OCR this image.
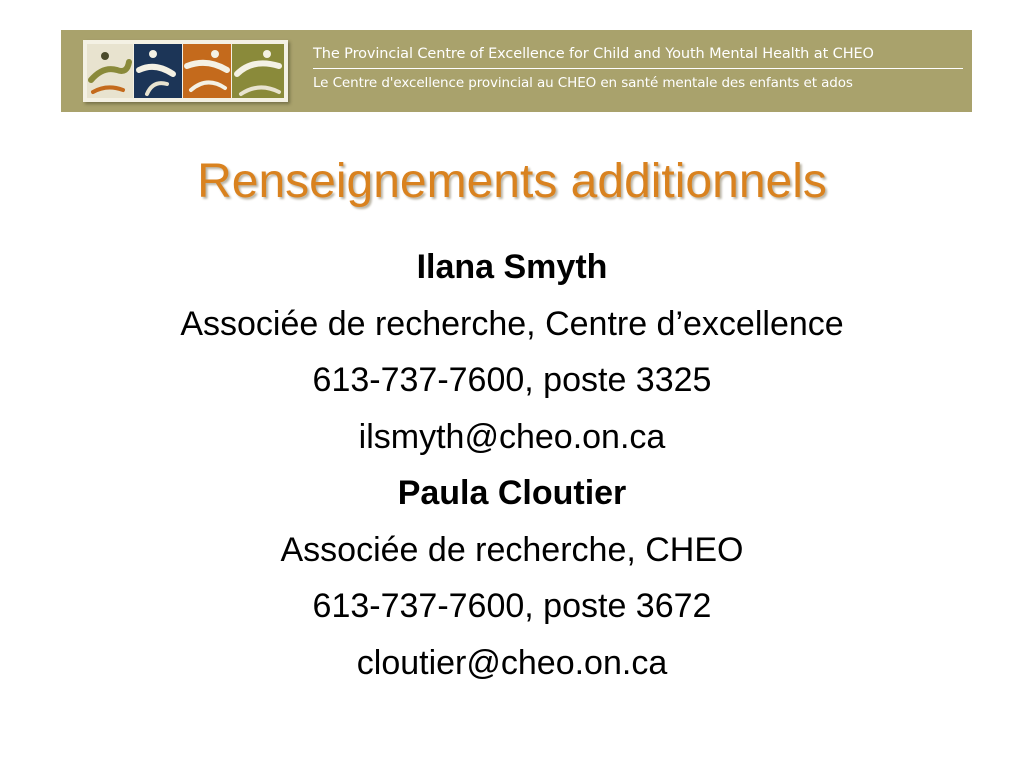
The Provincial Centre of Excellence for Child and Youth Mental Health at CHEO
Le Centre d'excellence provincial au CHEO en santé mentale des enfants et ados
Renseignements additionnels
Ilana Smyth
Associée de recherche, Centre d’excellence
613-737-7600, poste 3325
ilsmyth@cheo.on.ca
Paula Cloutier
Associée de recherche, CHEO
613-737-7600, poste 3672
cloutier@cheo.on.ca
